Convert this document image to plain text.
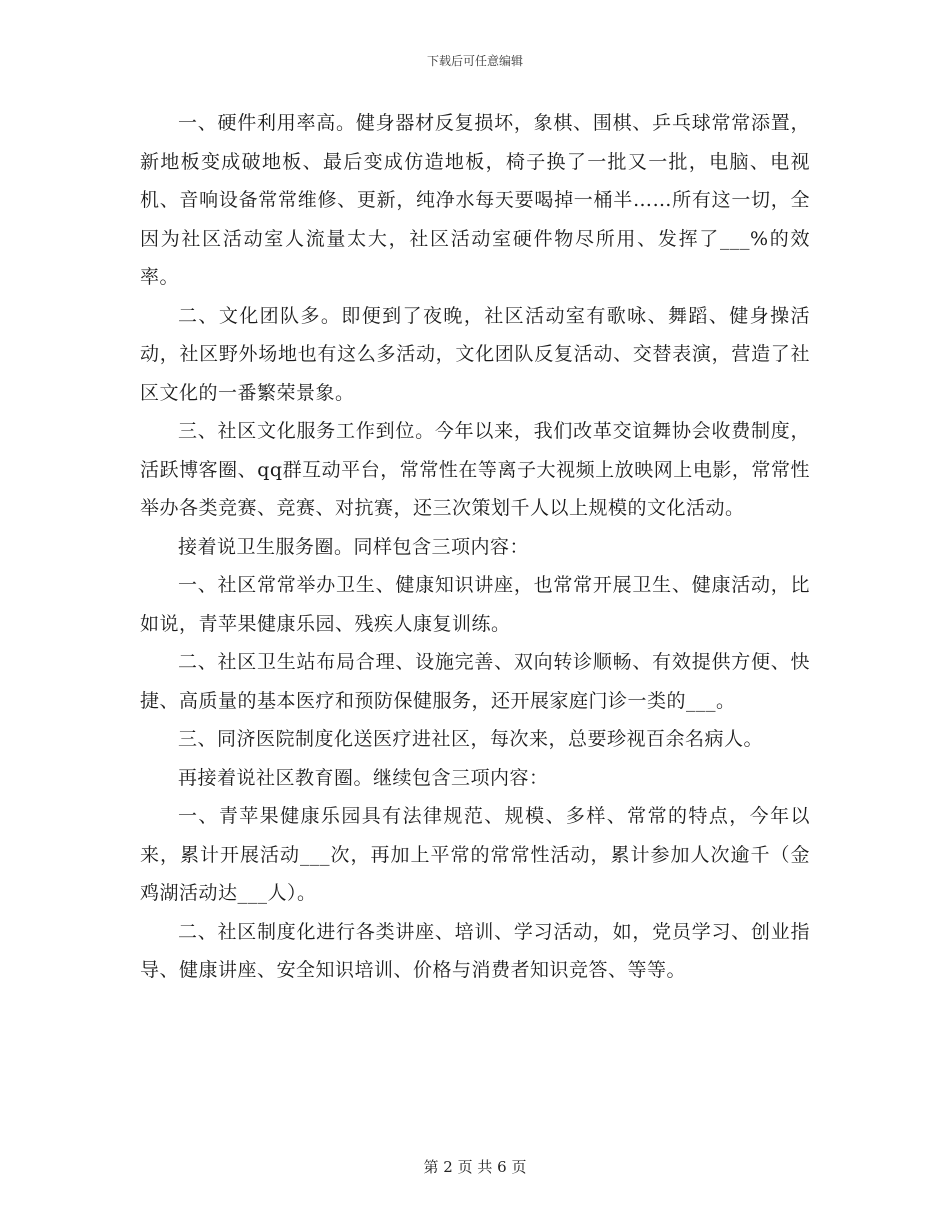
下载后可任意编辑

一、硬件利用率高。健身器材反复损坏，象棋、围棋、乒乓球常常添置，新地板变成破地板、最后变成仿造地板，椅子换了一批又一批，电脑、电视机、音响设备常常维修、更新，纯净水每天要喝掉一桶半……所有这一切，全因为社区活动室人流量太大，社区活动室硬件物尽所用、发挥了___%的效率。

二、文化团队多。即便到了夜晚，社区活动室有歌咏、舞蹈、健身操活动，社区野外场地也有这么多活动，文化团队反复活动、交替表演，营造了社区文化的一番繁荣景象。

三、社区文化服务工作到位。今年以来，我们改革交谊舞协会收费制度，活跃博客圈、qq群互动平台，常常性在等离子大视频上放映网上电影，常常性举办各类竞赛、竞赛、对抗赛，还三次策划千人以上规模的文化活动。

接着说卫生服务圈。同样包含三项内容：

一、社区常常举办卫生、健康知识讲座，也常常开展卫生、健康活动，比如说，青苹果健康乐园、残疾人康复训练。

二、社区卫生站布局合理、设施完善、双向转诊顺畅、有效提供方便、快捷、高质量的基本医疗和预防保健服务，还开展家庭门诊一类的___。

三、同济医院制度化送医疗进社区，每次来，总要珍视百余名病人。

再接着说社区教育圈。继续包含三项内容：

一、青苹果健康乐园具有法律规范、规模、多样、常常的特点，今年以来，累计开展活动___次，再加上平常的常常性活动，累计参加人次逾千（金鸡湖活动达___人）。

二、社区制度化进行各类讲座、培训、学习活动，如，党员学习、创业指导、健康讲座、安全知识培训、价格与消费者知识竞答、等等。

第 2 页 共 6 页
